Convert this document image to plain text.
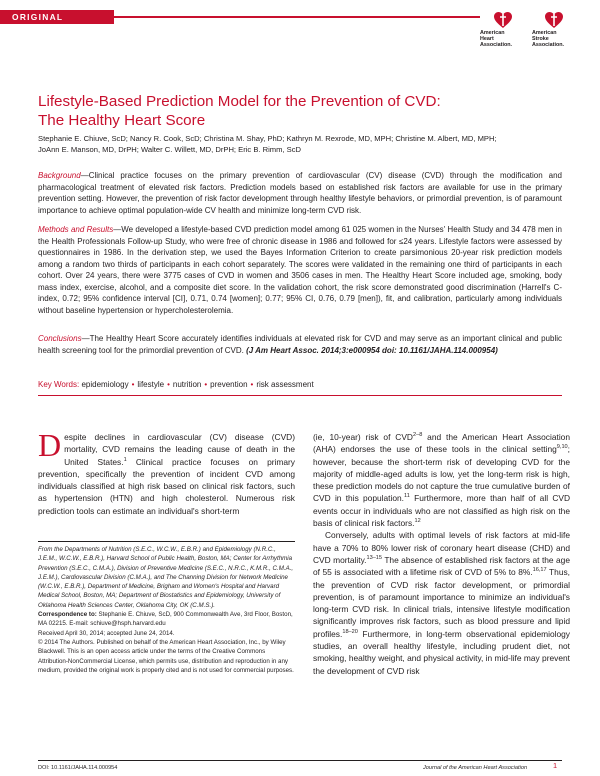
ORIGINAL RESEARCH	American
Heart
Association.
American
Stroke
Association.
Lifestyle-Based Prediction Model for the Prevention of CVD:
The Healthy Heart Score
Stephanie E. Chiuve, ScD; Nancy R. Cook, ScD; Christina M. Shay, PhD; Kathryn M. Rexrode, MD, MPH; Christine M. Albert, MD, MPH;
JoAnn E. Manson, MD, DrPH; Walter C. Willett, MD, DrPH; Eric B. Rimm, ScD

Background—Clinical practice focuses on the primary prevention of cardiovascular (CV) disease (CVD) through the modification and pharmacological treatment of elevated risk factors. Prediction models based on established risk factors are available for use in the primary prevention setting. However, the prevention of risk factor development through healthy lifestyle behaviors, or primordial prevention, is of paramount importance to achieve optimal population-wide CV health and minimize long-term CVD risk.

Methods and Results—We developed a lifestyle-based CVD prediction model among 61 025 women in the Nurses' Health Study and 34 478 men in the Health Professionals Follow-up Study, who were free of chronic disease in 1986 and followed for ≤24 years. Lifestyle factors were assessed by questionnaires in 1986. In the derivation step, we used the Bayes Information Criterion to create parsimonious 20-year risk prediction models among a random two thirds of participants in each cohort separately. The scores were validated in the remaining one third of participants in each cohort. Over 24 years, there were 3775 cases of CVD in women and 3506 cases in men. The Healthy Heart Score included age, smoking, body mass index, exercise, alcohol, and a composite diet score. In the validation cohort, the risk score demonstrated good discrimination (Harrell's C-index, 0.72; 95% confidence interval [CI], 0.71, 0.74 [women]; 0.77; 95% CI, 0.76, 0.79 [men]), fit, and calibration, particularly among individuals without baseline hypertension or hypercholesterolemia.

Conclusions—The Healthy Heart Score accurately identifies individuals at elevated risk for CVD and may serve as an important clinical and public health screening tool for the primordial prevention of CVD. (J Am Heart Assoc. 2014;3:e000954 doi: 10.1161/JAHA.114.000954)

Key Words: epidemiology • lifestyle • nutrition • prevention • risk assessment

Despite declines in cardiovascular (CV) disease (CVD) mortality, CVD remains the leading cause of death in the United States.$^1$ Clinical practice focuses on primary prevention, specifically the prevention of incident CVD among individuals classified at high risk based on clinical risk factors, such as hypertension (HTN) and high cholesterol. Numerous risk prediction tools can estimate an individual's short-term

From the Departments of Nutrition (S.E.C., W.C.W., E.B.R.) and Epidemiology (N.R.C., J.E.M., W.C.W., E.B.R.), Harvard School of Public Health, Boston, MA; Center for Arrhythmia Prevention (S.E.C., C.M.A.), Division of Preventive Medicine (S.E.C., N.R.C., K.M.R., C.M.A., J.E.M.), Cardiovascular Division (C.M.A.), and The Channing Division for Network Medicine (W.C.W., E.B.R.), Department of Medicine, Brigham and Women's Hospital and Harvard Medical School, Boston, MA; Department of Biostatistics and Epidemiology, University of Oklahoma Health Sciences Center, Oklahoma City, OK (C.M.S.).

Correspondence to: Stephanie E. Chiuve, ScD, 900 Commonwealth Ave, 3rd Floor, Boston, MA 02215. E-mail: schiuve@hsph.harvard.edu

Received April 30, 2014; accepted June 24, 2014.

© 2014 The Authors. Published on behalf of the American Heart Association, Inc., by Wiley Blackwell. This is an open access article under the terms of the Creative Commons Attribution-NonCommercial License, which permits use, distribution and reproduction in any medium, provided the original work is properly cited and is not used for commercial purposes.

(ie, 10-year) risk of CVD$^{2-8}$ and the American Heart Association (AHA) endorses the use of these tools in the clinical setting$^{9,10}$; however, because the short-term risk of developing CVD for the majority of middle-aged adults is low, yet the long-term risk is high, these prediction models do not capture the true cumulative burden of CVD in this population.$^{11}$ Furthermore, more than half of all CVD events occur in individuals who are not classified as high risk on the basis of clinical risk factors.$^{12}$

Conversely, adults with optimal levels of risk factors at mid-life have a 70% to 80% lower risk of coronary heart disease (CHD) and CVD mortality.$^{13-15}$ The absence of established risk factors at the age of 55 is associated with a lifetime risk of CVD of 5% to 8%.$^{16,17}$ Thus, the prevention of CVD risk factor development, or primordial prevention, is of paramount importance to minimize an individual's long-term CVD risk. In clinical trials, intensive lifestyle modification significantly improves risk factors, such as blood pressure and lipid profiles.$^{18-20}$ Furthermore, in long-term observational epidemiology studies, an overall healthy lifestyle, including prudent diet, not smoking, healthy weight, and physical activity, in mid-life may prevent the development of CVD risk

DOI: 10.1161/JAHA.114.000954	Journal of the American Heart Association	1
